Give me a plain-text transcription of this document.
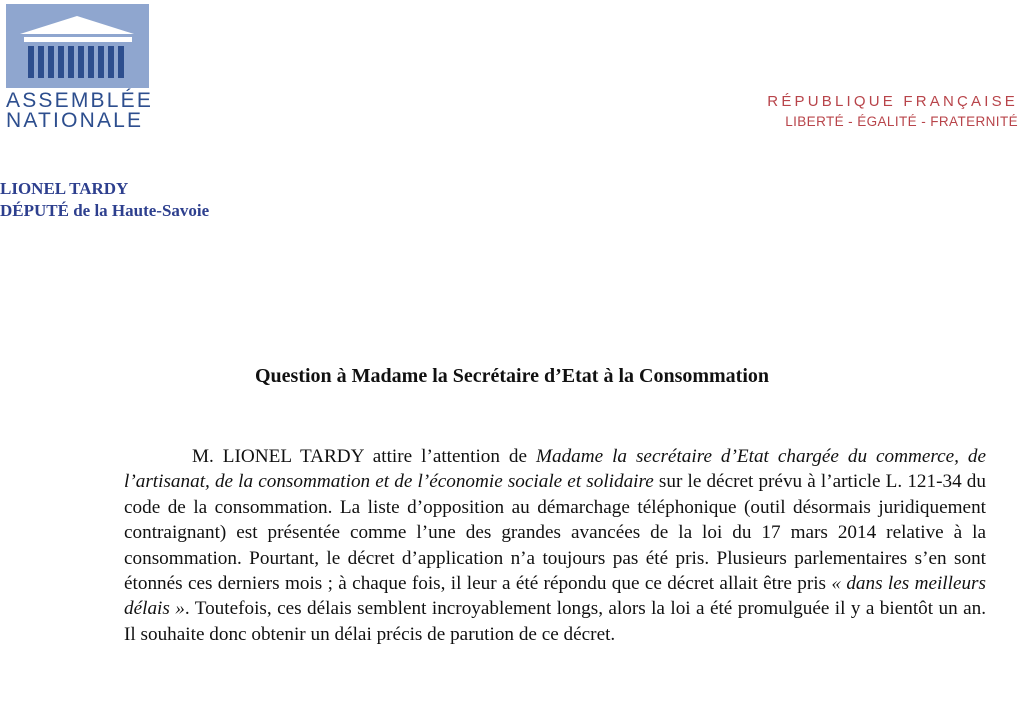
ASSEMBLÉE
NATIONALE
RÉPUBLIQUE FRANÇAISE
LIBERTÉ - ÉGALITÉ - FRATERNITÉ
LIONEL TARDY
DÉPUTÉ de la Haute-Savoie
Question à Madame la Secrétaire d’Etat à la Consommation
M. LIONEL TARDY attire l’attention de Madame la secrétaire d’Etat chargée du commerce, de l’artisanat, de la consommation et de l’économie sociale et solidaire sur le décret prévu à l’article L. 121-34 du code de la consommation. La liste d’opposition au démarchage téléphonique (outil désormais juridiquement contraignant) est présentée comme l’une des grandes avancées de la loi du 17 mars 2014 relative à la consommation. Pourtant, le décret d’application n’a toujours pas été pris. Plusieurs parlementaires s’en sont étonnés ces derniers mois ; à chaque fois, il leur a été répondu que ce décret allait être pris « dans les meilleurs délais ». Toutefois, ces délais semblent incroyablement longs, alors la loi a été promulguée il y a bientôt un an. Il souhaite donc obtenir un délai précis de parution de ce décret.
